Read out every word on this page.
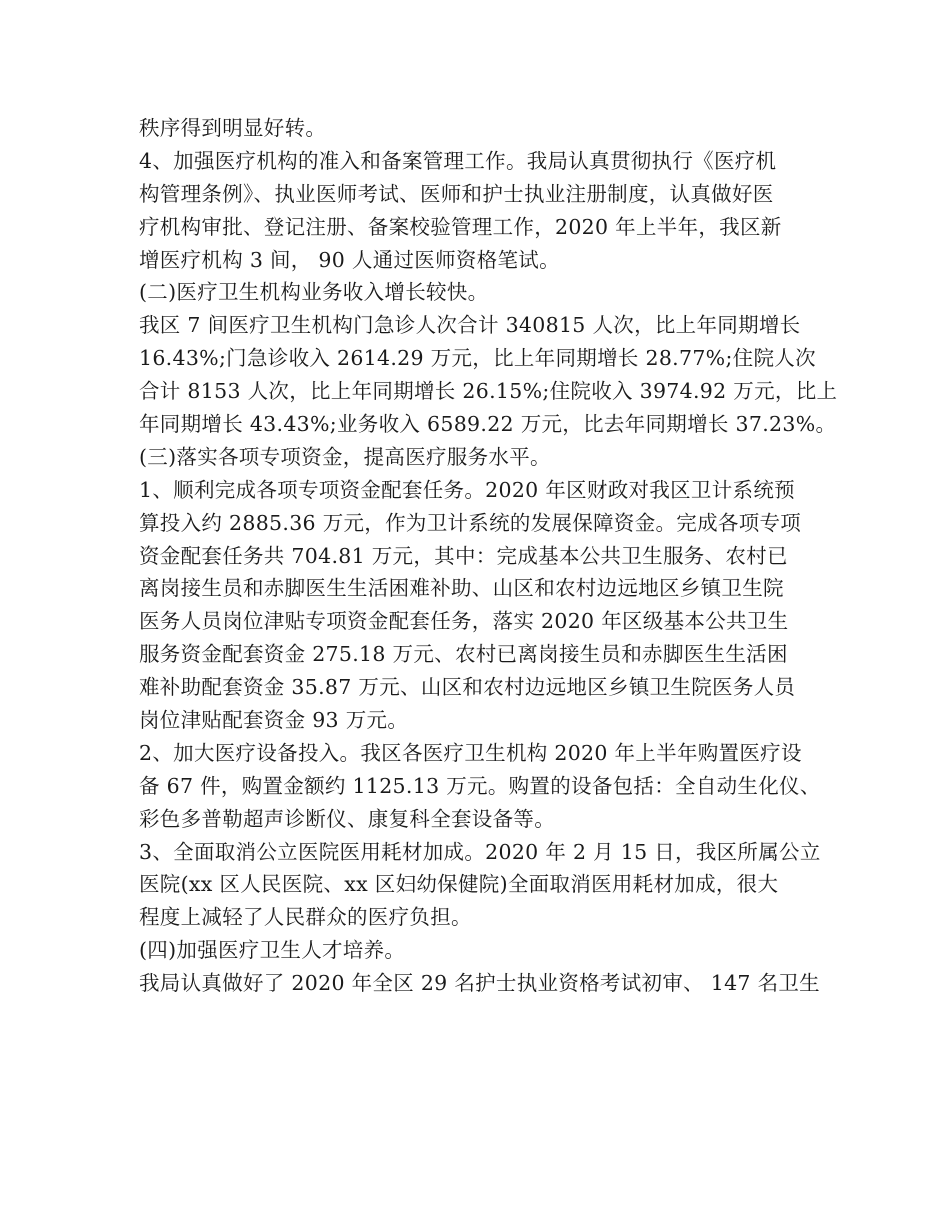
秩序得到明显好转。
4、加强医疗机构的准入和备案管理工作。我局认真贯彻执行《医疗机
构管理条例》、执业医师考试、医师和护士执业注册制度，认真做好医
疗机构审批、登记注册、备案校验管理工作，2020 年上半年，我区新
增医疗机构 3 间， 90 人通过医师资格笔试。
(二)医疗卫生机构业务收入增长较快。
我区 7 间医疗卫生机构门急诊人次合计 340815 人次，比上年同期增长
16.43%;门急诊收入 2614.29 万元，比上年同期增长 28.77%;住院人次
合计 8153 人次，比上年同期增长 26.15%;住院收入 3974.92 万元，比上
年同期增长 43.43%;业务收入 6589.22 万元，比去年同期增长 37.23%。
(三)落实各项专项资金，提高医疗服务水平。
1、顺利完成各项专项资金配套任务。2020 年区财政对我区卫计系统预
算投入约 2885.36 万元，作为卫计系统的发展保障资金。完成各项专项
资金配套任务共 704.81 万元，其中：完成基本公共卫生服务、农村已
离岗接生员和赤脚医生生活困难补助、山区和农村边远地区乡镇卫生院
医务人员岗位津贴专项资金配套任务，落实 2020 年区级基本公共卫生
服务资金配套资金 275.18 万元、农村已离岗接生员和赤脚医生生活困
难补助配套资金 35.87 万元、山区和农村边远地区乡镇卫生院医务人员
岗位津贴配套资金 93 万元。
2、加大医疗设备投入。我区各医疗卫生机构 2020 年上半年购置医疗设
备 67 件，购置金额约 1125.13 万元。购置的设备包括：全自动生化仪、
彩色多普勒超声诊断仪、康复科全套设备等。
3、全面取消公立医院医用耗材加成。2020 年 2 月 15 日，我区所属公立
医院(xx 区人民医院、xx 区妇幼保健院)全面取消医用耗材加成，很大
程度上减轻了人民群众的医疗负担。
(四)加强医疗卫生人才培养。
我局认真做好了 2020 年全区 29 名护士执业资格考试初审、 147 名卫生
